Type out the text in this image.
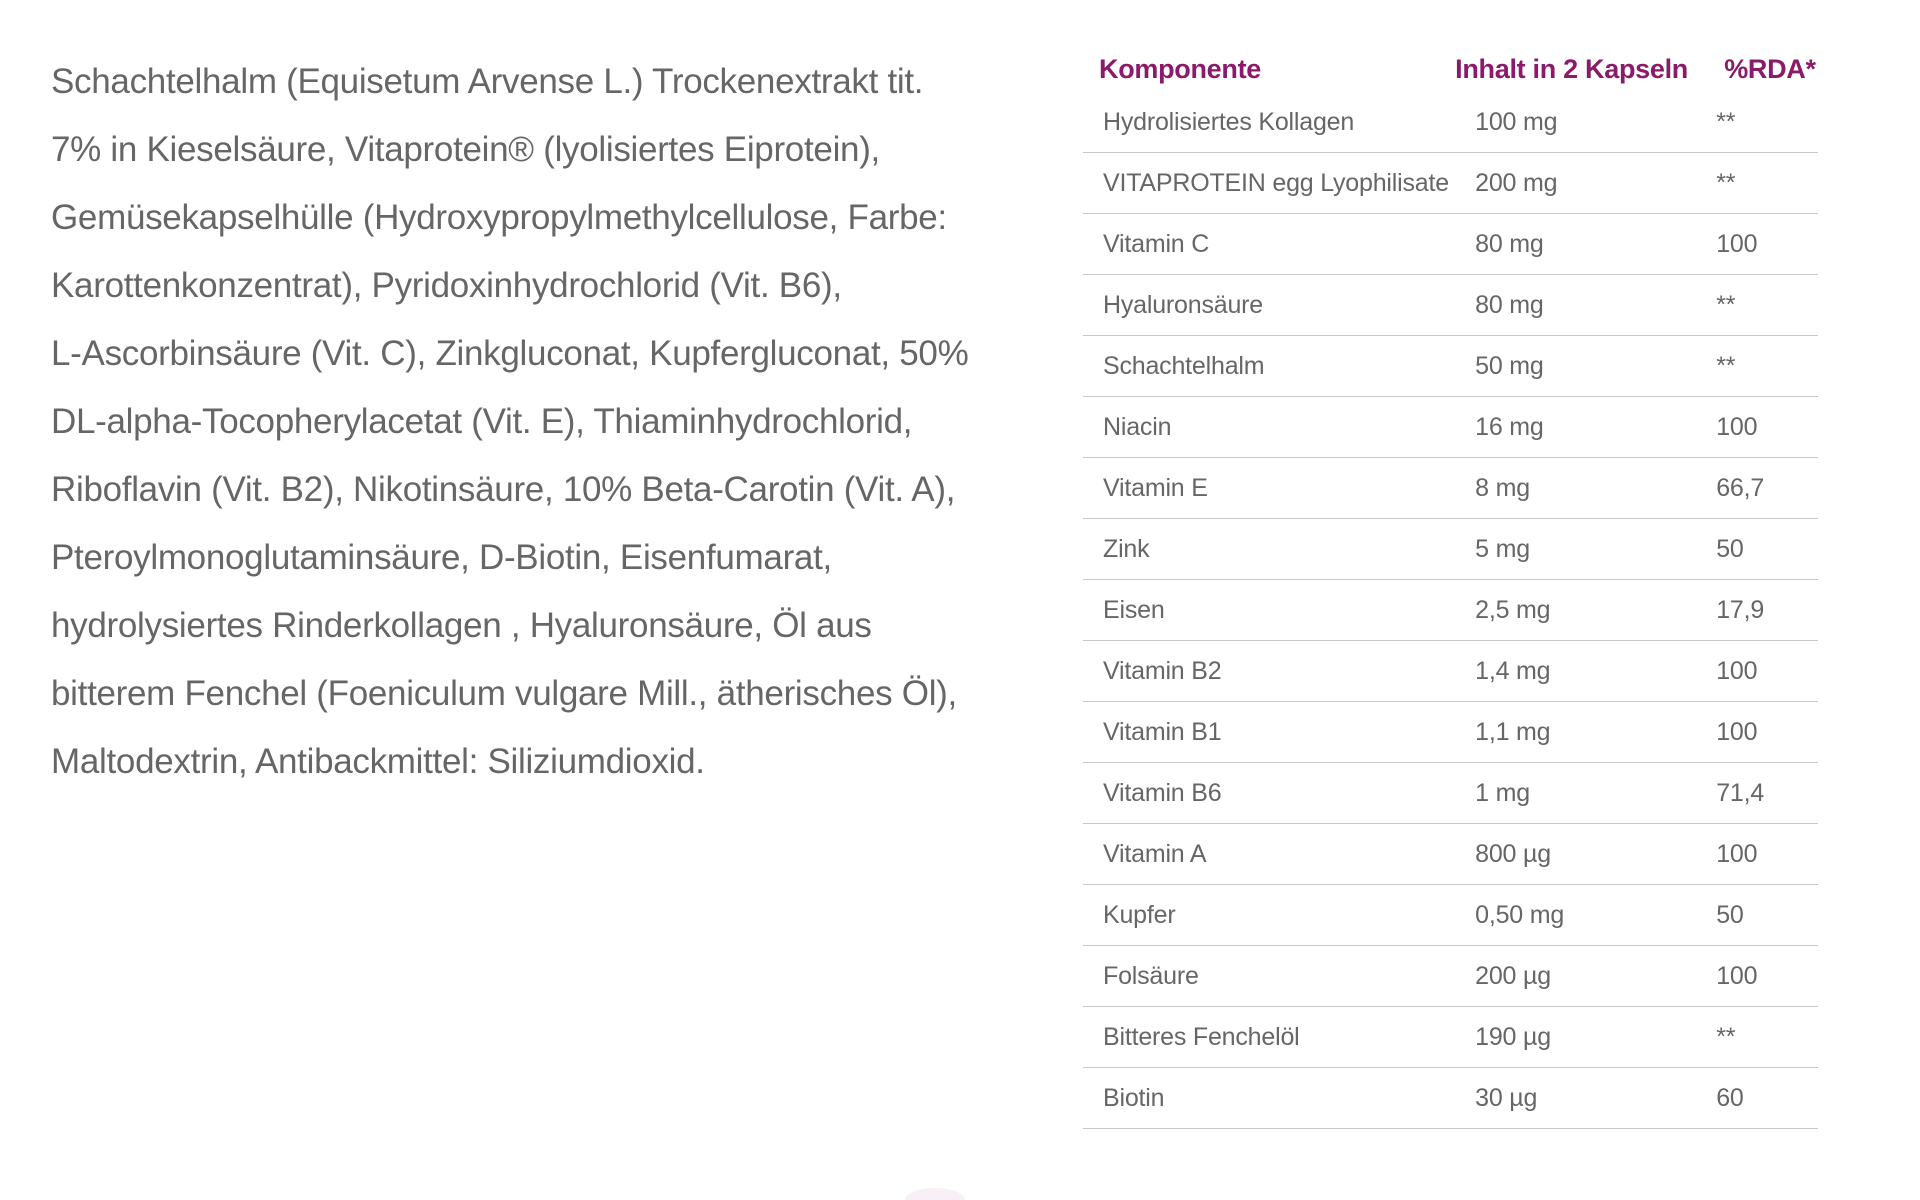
Schachtelhalm (Equisetum Arvense L.) Trockenextrakt tit.
7% in Kieselsäure, Vitaprotein® (lyolisiertes Eiprotein),
Gemüsekapselhülle (Hydroxypropylmethylcellulose, Farbe:
Karottenkonzentrat), Pyridoxinhydrochlorid (Vit. B6),
L-Ascorbinsäure (Vit. C), Zinkgluconat, Kupfergluconat, 50%
DL-alpha-Tocopherylacetat (Vit. E), Thiaminhydrochlorid,
Riboflavin (Vit. B2), Nikotinsäure, 10% Beta-Carotin (Vit. A),
Pteroylmonoglutaminsäure, D-Biotin, Eisenfumarat,
hydrolysiertes Rinderkollagen , Hyaluronsäure, Öl aus
bitterem Fenchel (Foeniculum vulgare Mill., ätherisches Öl),
Maltodextrin, Antibackmittel: Siliziumdioxid.

Komponente	Inhalt in 2 Kapseln	%RDA*
Hydrolisiertes Kollagen	100 mg	**
VITAPROTEIN egg Lyophilisate	200 mg	**
Vitamin C	80 mg	100
Hyaluronsäure	80 mg	**
Schachtelhalm	50 mg	**
Niacin	16 mg	100
Vitamin E	8 mg	66,7
Zink	5 mg	50
Eisen	2,5 mg	17,9
Vitamin B2	1,4 mg	100
Vitamin B1	1,1 mg	100
Vitamin B6	1 mg	71,4
Vitamin A	800 µg	100
Kupfer	0,50 mg	50
Folsäure	200 µg	100
Bitteres Fenchelöl	190 µg	**
Biotin	30 µg	60
